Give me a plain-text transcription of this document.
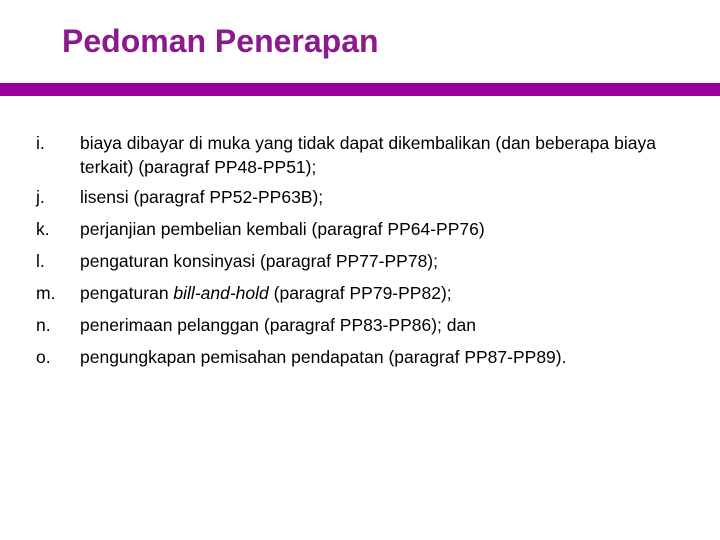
Pedoman Penerapan
i.	biaya dibayar di muka yang tidak dapat dikembalikan (dan beberapa biaya terkait) (paragraf PP48-PP51);
j.	lisensi (paragraf PP52-PP63B);
k.	perjanjian pembelian kembali (paragraf PP64-PP76)
l.	pengaturan konsinyasi (paragraf PP77-PP78);
m.	pengaturan bill-and-hold (paragraf PP79-PP82);
n.	penerimaan pelanggan (paragraf PP83-PP86); dan
o.	pengungkapan pemisahan pendapatan (paragraf PP87-PP89).
